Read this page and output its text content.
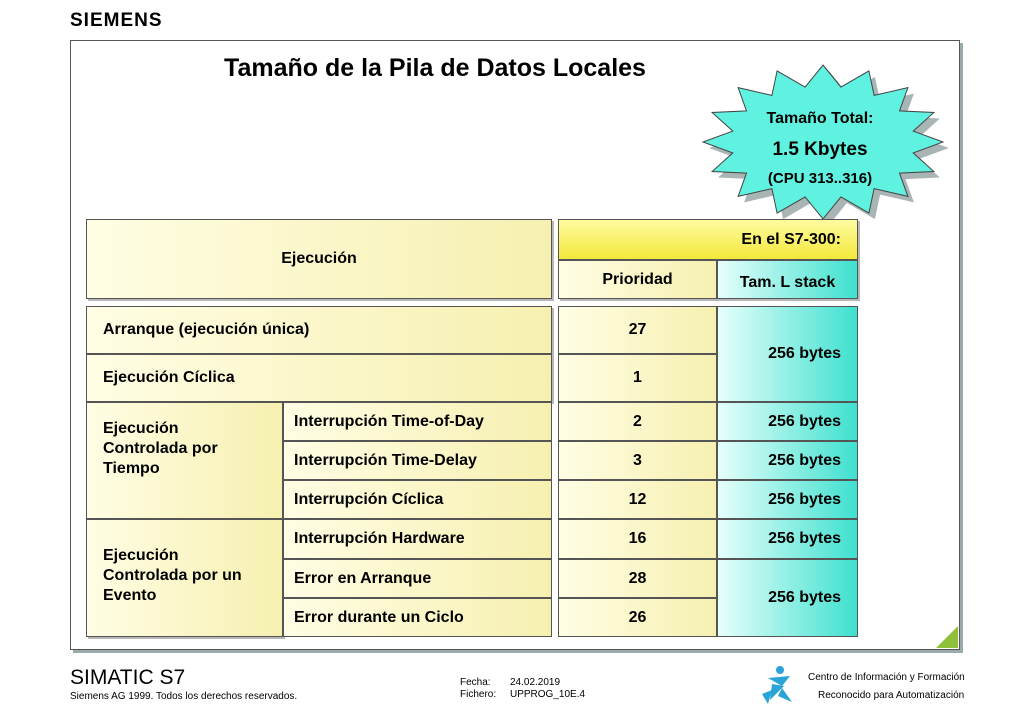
SIEMENS
Tamaño de la Pila de Datos Locales
Tamaño Total:
1.5 Kbytes
(CPU 313..316)
Ejecución
En el S7-300:
Prioridad	Tam. L stack
Arranque (ejecución única)
Ejecución Cíclica
Ejecución Controlada por Tiempo
Interrupción Time-of-Day
Interrupción Time-Delay
Interrupción Cíclica
Ejecución Controlada por un Evento
Interrupción Hardware
Error en Arranque
Error durante un Ciclo
27
1
2
3
12
16
28
26
256 bytes
256 bytes
256 bytes
256 bytes
256 bytes
256 bytes
SIMATIC S7
Siemens AG 1999. Todos los derechos reservados.
Fecha: 24.02.2019
Fichero: UPPROG_10E.4
Centro de Información y Formación
Reconocido para Automatización
